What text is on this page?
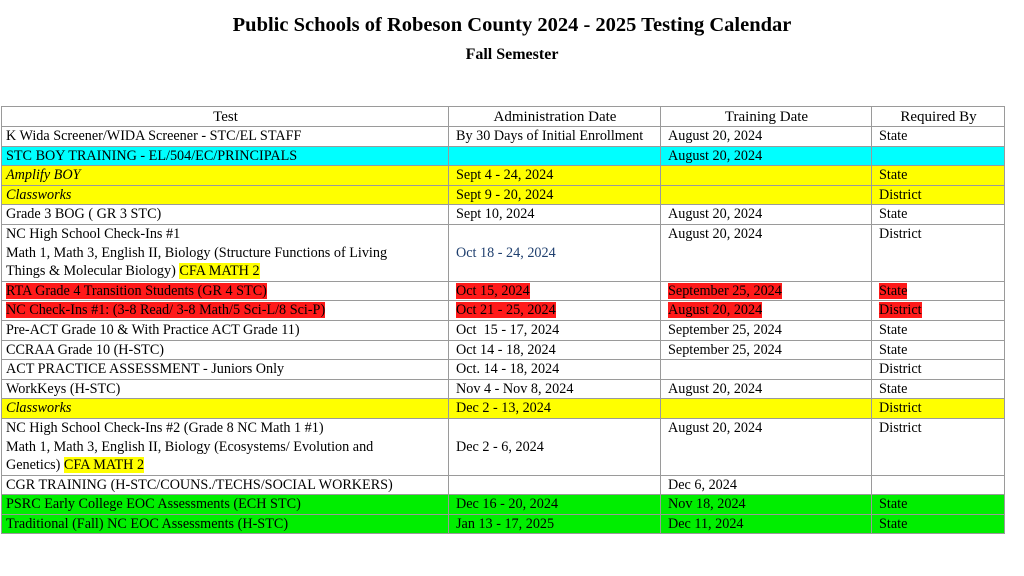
Public Schools of Robeson County 2024 - 2025 Testing Calendar
Fall Semester
Test	Administration Date	Training Date	Required By
K Wida Screener/WIDA Screener - STC/EL STAFF	By 30 Days of Initial Enrollment	August 20, 2024	State
STC BOY TRAINING - EL/504/EC/PRINCIPALS		August 20, 2024	
Amplify BOY	Sept 4 - 24, 2024		State
Classworks	Sept 9 - 20, 2024		District
Grade 3 BOG ( GR 3 STC)	Sept 10, 2024	August 20, 2024	State

NC High School Check-Ins #1
Math 1, Math 3, English II, Biology (Structure Functions of Living
Things & Molecular Biology) CFA MATH 2	Oct 18 - 24, 2024	August 20, 2024	District
RTA Grade 4 Transition Students (GR 4 STC)	Oct 15, 2024	September 25, 2024	State
NC Check-Ins #1: (3-8 Read/ 3-8 Math/5 Sci-L/8 Sci-P)	Oct 21 - 25, 2024	August 20, 2024	District
Pre-ACT Grade 10 & With Practice ACT Grade 11)	Oct  15 - 17, 2024	September 25, 2024	State
CCRAA Grade 10 (H-STC)	Oct 14 - 18, 2024	September 25, 2024	State
ACT PRACTICE ASSESSMENT - Juniors Only	Oct. 14 - 18, 2024		District
WorkKeys (H-STC)	Nov 4 - Nov 8, 2024	August 20, 2024	State
Classworks	Dec 2 - 13, 2024		District

NC High School Check-Ins #2 (Grade 8 NC Math 1 #1)
Math 1, Math 3, English II, Biology (Ecosystems/ Evolution and
Genetics) CFA MATH 2	Dec 2 - 6, 2024	August 20, 2024	District
CGR TRAINING (H-STC/COUNS./TECHS/SOCIAL WORKERS)		Dec 6, 2024	
PSRC Early College EOC Assessments (ECH STC)	Dec 16 - 20, 2024	Nov 18, 2024	State
Traditional (Fall) NC EOC Assessments (H-STC)	Jan 13 - 17, 2025	Dec 11, 2024	State
